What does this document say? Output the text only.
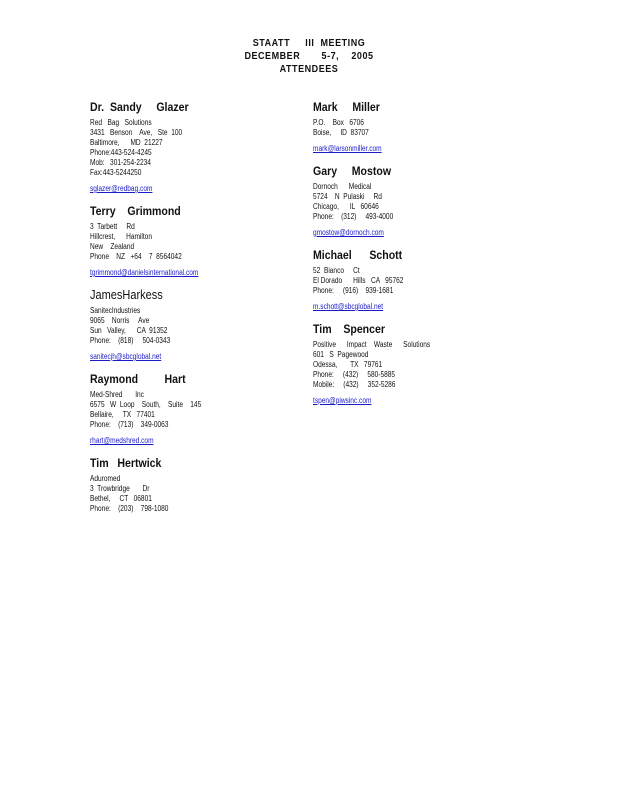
STAATT     III  MEETING
DECEMBER       5-7,    2005
ATTENDEES
Dr.  Sandy     Glazer
Red   Bag   Solutions
3431   Benson    Ave,   Ste  100
Baltimore,      MD  21227
Phone:443-524-4245
Mob:   301-254-2234
Fax:443-5244250
sglazer@redbag.com
Terry    Grimmond
3  Tarbett     Rd
Hillcrest,      Hamilton
New    Zealand
Phone    NZ   +64    7  8564042
tgrimmond@danielsinternational.com
JamesHarkess
SanitecIndustries
9065    Norris     Ave
Sun   Valley,      CA  91352
Phone:    (818)     504-0343
sanitecjh@sbcglobal.net
Raymond         Hart
Med-Shred       Inc
6575   W  Loop    South,    Suite    145
Bellaire,     TX   77401
Phone:    (713)    349-0063
rhart@medshred.com
Tim   Hertwick
Aduromed
3  Trowbridge       Dr
Bethel,     CT   06801
Phone:    (203)    798-1080
Mark     Miller
P.O.    Box   6706
Boise,     ID  83707
mark@larsonmiller.com
Gary     Mostow
Dornoch      Medical
5724    N  Pulaski     Rd
Chicago,      IL   60646
Phone:    (312)     493-4000
gmostow@dornoch.com
Michael      Schott
52  Bianco     Ct
El Dorado      Hills   CA   95762
Phone:     (916)    939-1681
m.schott@sbcglobal.net
Tim    Spencer
Positive      Impact    Waste      Solutions
601   S  Pagewood
Odessa,       TX   79761
Phone:     (432)     580-5885
Mobile:     (432)     352-5286
tspen@piwsinc.com
